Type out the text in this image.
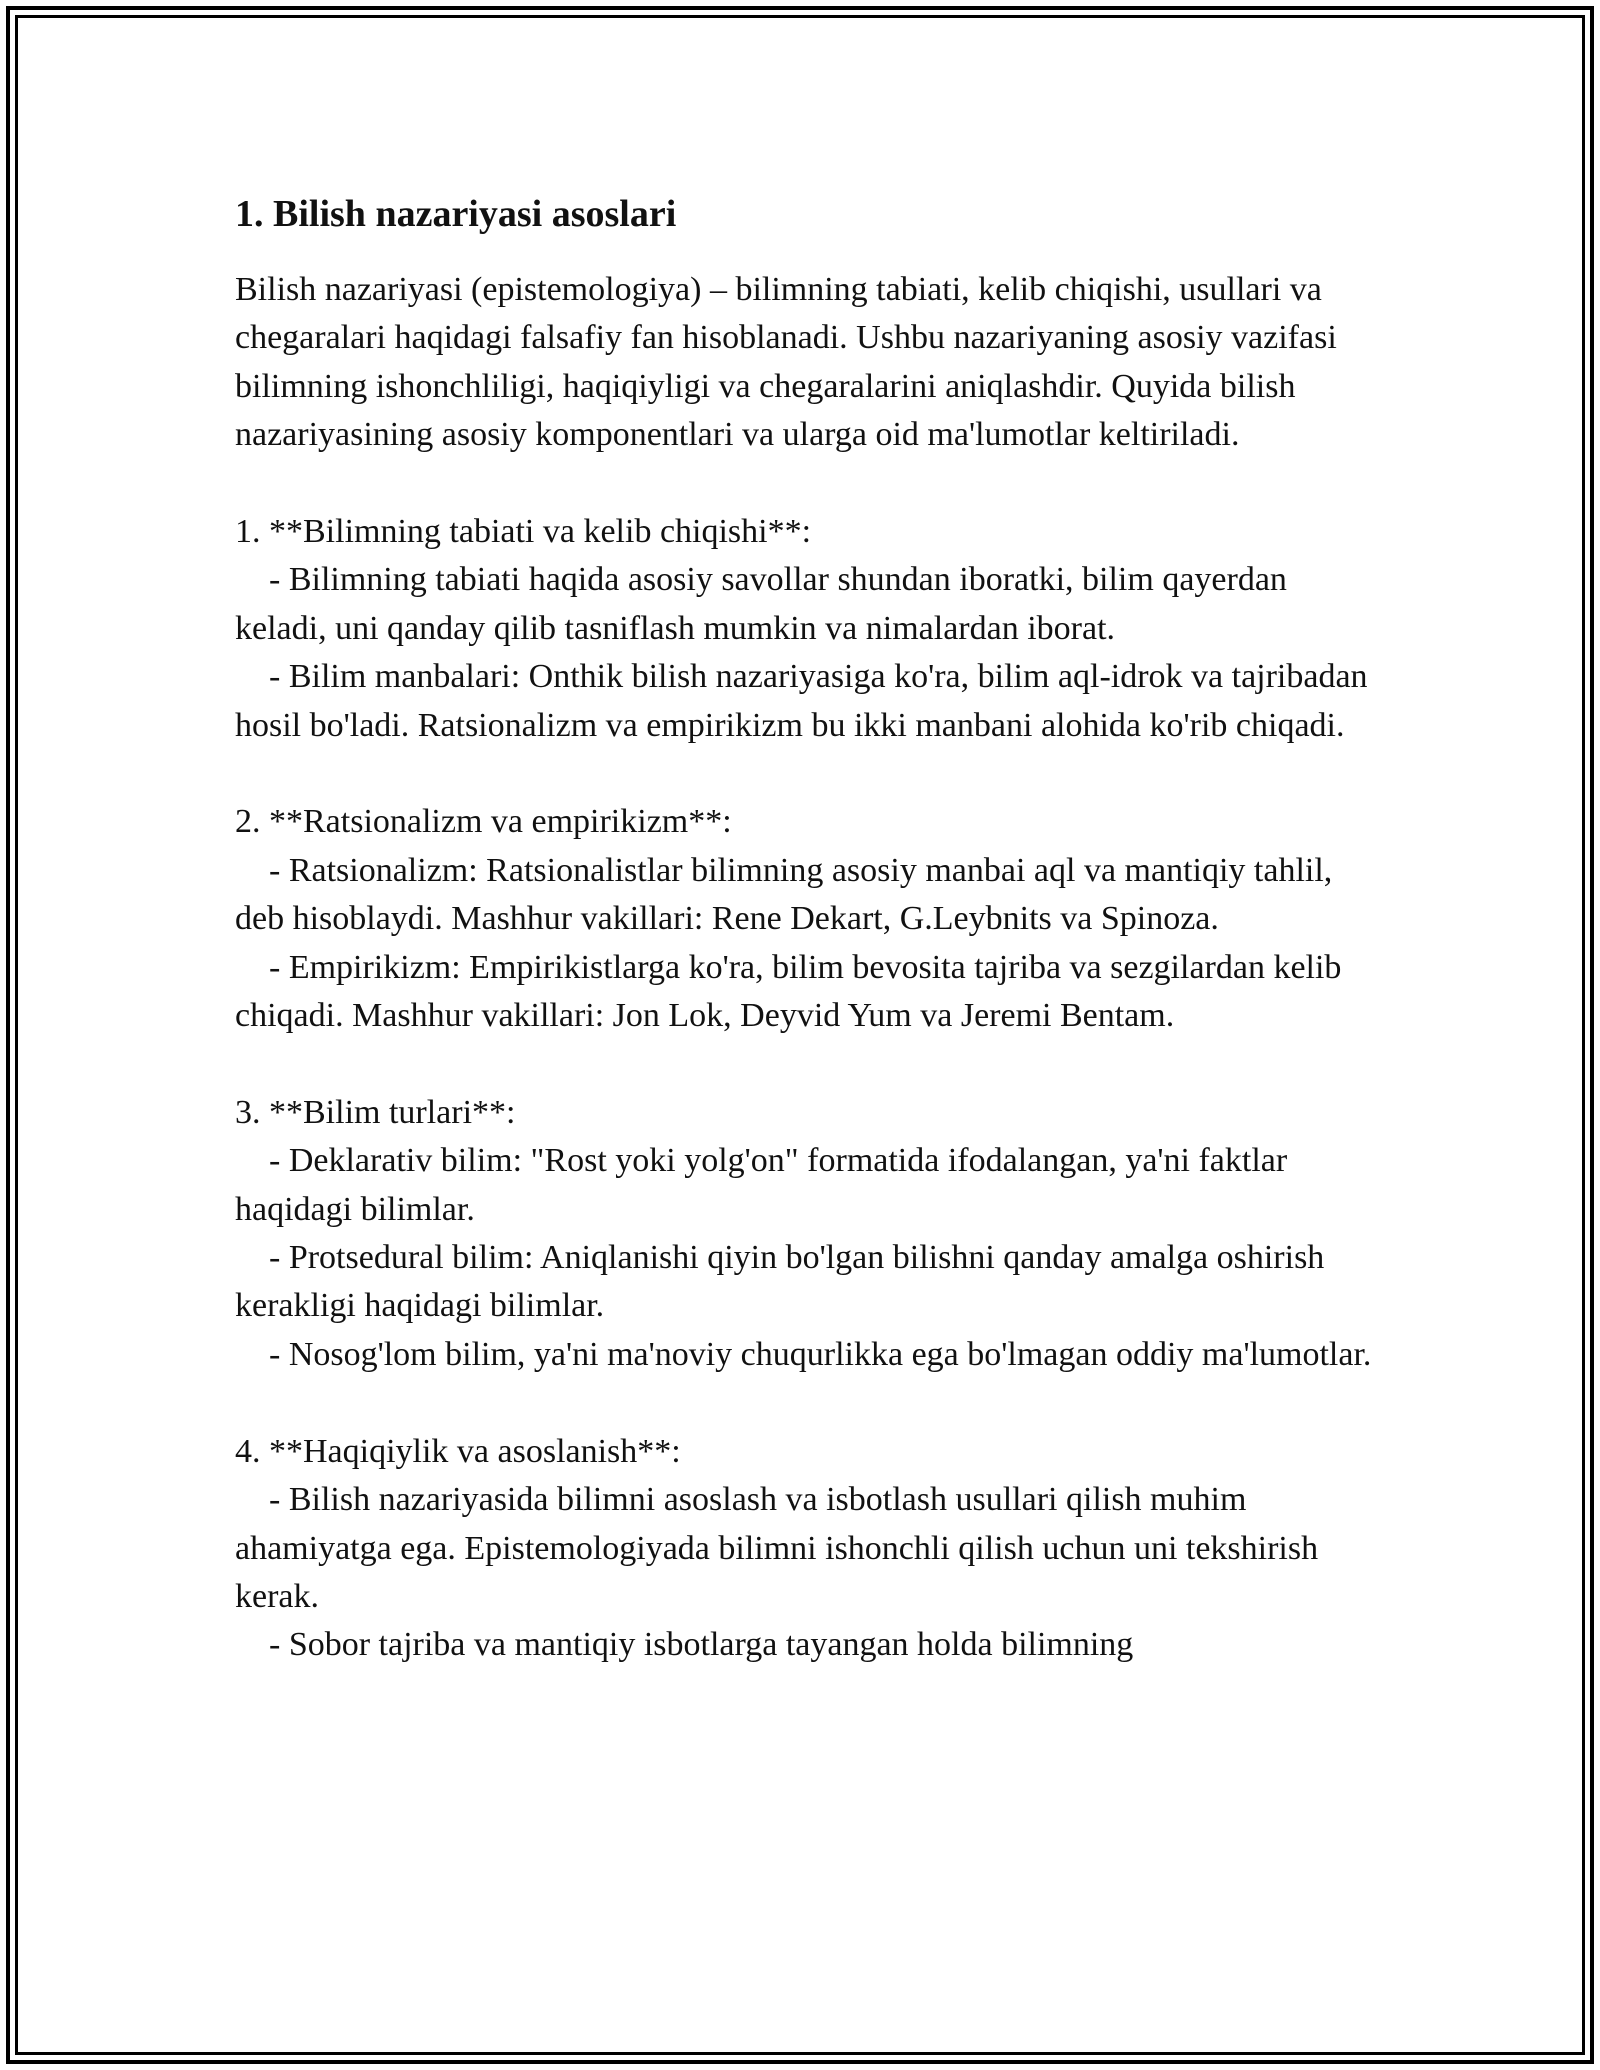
1. Bilish nazariyasi asoslari

Bilish nazariyasi (epistemologiya) – bilimning tabiati, kelib chiqishi, usullari va chegaralari haqidagi falsafiy fan hisoblanadi. Ushbu nazariyaning asosiy vazifasi bilimning ishonchliligi, haqiqiyligi va chegaralarini aniqlashdir. Quyida bilish nazariyasining asosiy komponentlari va ularga oid ma'lumotlar keltiriladi.

1. **Bilimning tabiati va kelib chiqishi**:

- Bilimning tabiati haqida asosiy savollar shundan iboratki, bilim qayerdan keladi, uni qanday qilib tasniflash mumkin va nimalardan iborat.

- Bilim manbalari: Onthik bilish nazariyasiga ko'ra, bilim aql-idrok va tajribadan hosil bo'ladi. Ratsionalizm va empirikizm bu ikki manbani alohida ko'rib chiqadi.

2. **Ratsionalizm va empirikizm**:

- Ratsionalizm: Ratsionalistlar bilimning asosiy manbai aql va mantiqiy tahlil, deb hisoblaydi. Mashhur vakillari: Rene Dekart, G.Leybnits va Spinoza.

- Empirikizm: Empirikistlarga ko'ra, bilim bevosita tajriba va sezgilardan kelib chiqadi. Mashhur vakillari: Jon Lok, Deyvid Yum va Jeremi Bentam.

3. **Bilim turlari**:

- Deklarativ bilim: "Rost yoki yolg'on" formatida ifodalangan, ya'ni faktlar haqidagi bilimlar.

- Protsedural bilim: Aniqlanishi qiyin bo'lgan bilishni qanday amalga oshirish kerakligi haqidagi bilimlar.

- Nosog'lom bilim, ya'ni ma'noviy chuqurlikka ega bo'lmagan oddiy ma'lumotlar.

4. **Haqiqiylik va asoslanish**:

- Bilish nazariyasida bilimni asoslash va isbotlash usullari qilish muhim ahamiyatga ega. Epistemologiyada bilimni ishonchli qilish uchun uni tekshirish kerak.

- Sobor tajriba va mantiqiy isbotlarga tayangan holda bilimning
